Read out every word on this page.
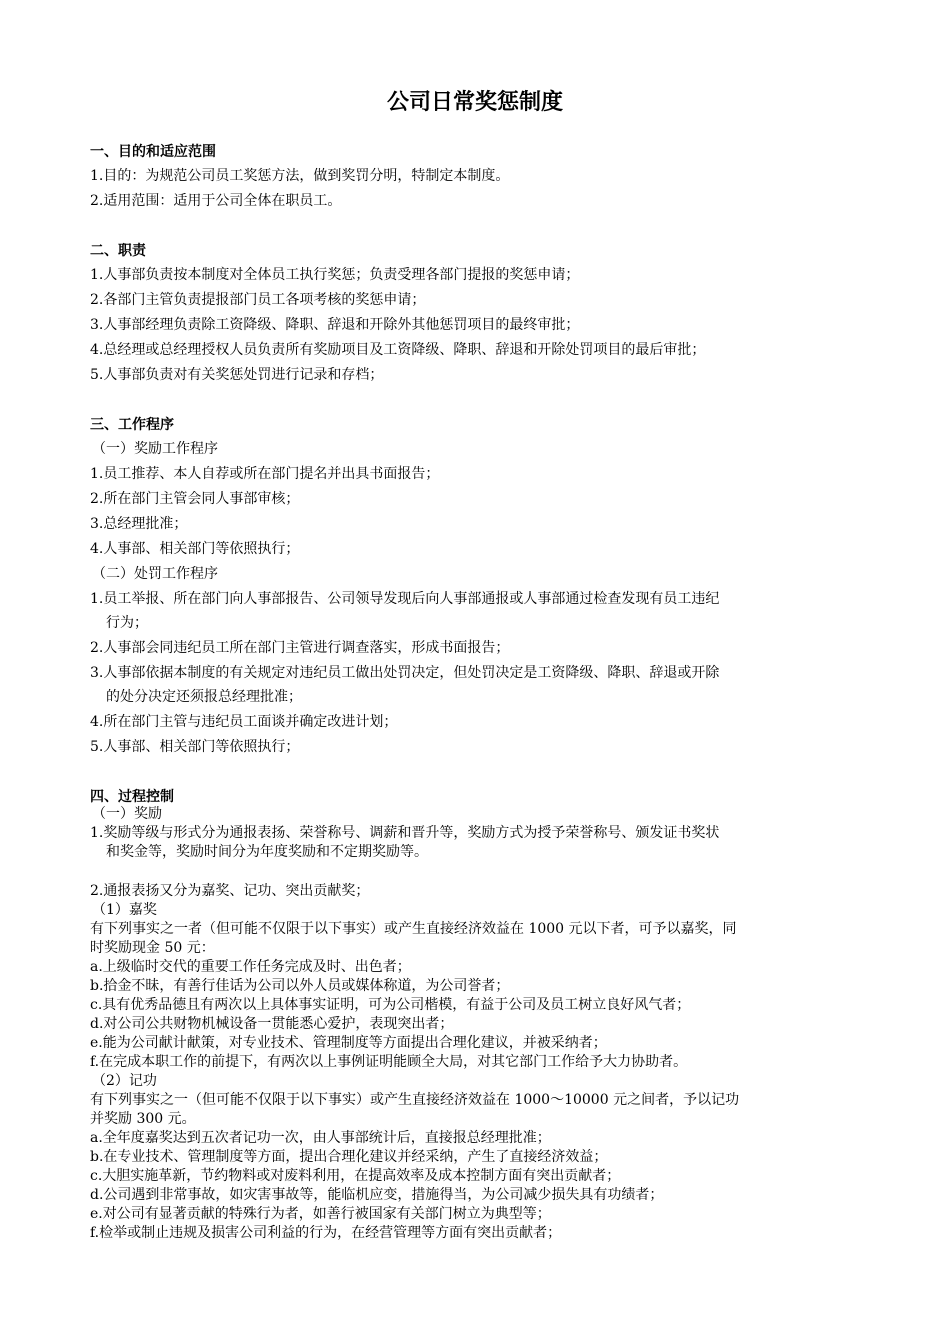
公司日常奖惩制度
一、目的和适应范围
1.目的：为规范公司员工奖惩方法，做到奖罚分明，特制定本制度。
2.适用范围：适用于公司全体在职员工。
二、职责
1.人事部负责按本制度对全体员工执行奖惩；负责受理各部门提报的奖惩申请；
2.各部门主管负责提报部门员工各项考核的奖惩申请；
3.人事部经理负责除工资降级、降职、辞退和开除外其他惩罚项目的最终审批；
4.总经理或总经理授权人员负责所有奖励项目及工资降级、降职、辞退和开除处罚项目的最后审批；
5.人事部负责对有关奖惩处罚进行记录和存档；
三、工作程序
（一）奖励工作程序
1.员工推荐、本人自荐或所在部门提名并出具书面报告；
2.所在部门主管会同人事部审核；
3.总经理批准；
4.人事部、相关部门等依照执行；
（二）处罚工作程序
1.员工举报、所在部门向人事部报告、公司领导发现后向人事部通报或人事部通过检查发现有员工违纪
行为；
2.人事部会同违纪员工所在部门主管进行调查落实，形成书面报告；
3.人事部依据本制度的有关规定对违纪员工做出处罚决定，但处罚决定是工资降级、降职、辞退或开除
的处分决定还须报总经理批准；
4.所在部门主管与违纪员工面谈并确定改进计划；
5.人事部、相关部门等依照执行；
四、过程控制
（一）奖励
1.奖励等级与形式分为通报表扬、荣誉称号、调薪和晋升等，奖励方式为授予荣誉称号、颁发证书奖状
和奖金等，奖励时间分为年度奖励和不定期奖励等。
2.通报表扬又分为嘉奖、记功、突出贡献奖；
（1）嘉奖
有下列事实之一者（但可能不仅限于以下事实）或产生直接经济效益在 1000 元以下者，可予以嘉奖，同
时奖励现金 50 元：
a.上级临时交代的重要工作任务完成及时、出色者；
b.拾金不昧，有善行佳话为公司以外人员或媒体称道，为公司誉者；
c.具有优秀品德且有两次以上具体事实证明，可为公司楷模，有益于公司及员工树立良好风气者；
d.对公司公共财物机械设备一贯能悉心爱护，表现突出者；
e.能为公司献计献策，对专业技术、管理制度等方面提出合理化建议，并被采纳者；
f.在完成本职工作的前提下，有两次以上事例证明能顾全大局，对其它部门工作给予大力协助者。
（2）记功
有下列事实之一（但可能不仅限于以下事实）或产生直接经济效益在 1000～10000 元之间者，予以记功
并奖励 300 元。
a.全年度嘉奖达到五次者记功一次，由人事部统计后，直接报总经理批准；
b.在专业技术、管理制度等方面，提出合理化建议并经采纳，产生了直接经济效益；
c.大胆实施革新，节约物料或对废料利用，在提高效率及成本控制方面有突出贡献者；
d.公司遇到非常事故，如灾害事故等，能临机应变，措施得当，为公司减少损失具有功绩者；
e.对公司有显著贡献的特殊行为者，如善行被国家有关部门树立为典型等；
f.检举或制止违规及损害公司利益的行为，在经营管理等方面有突出贡献者；
